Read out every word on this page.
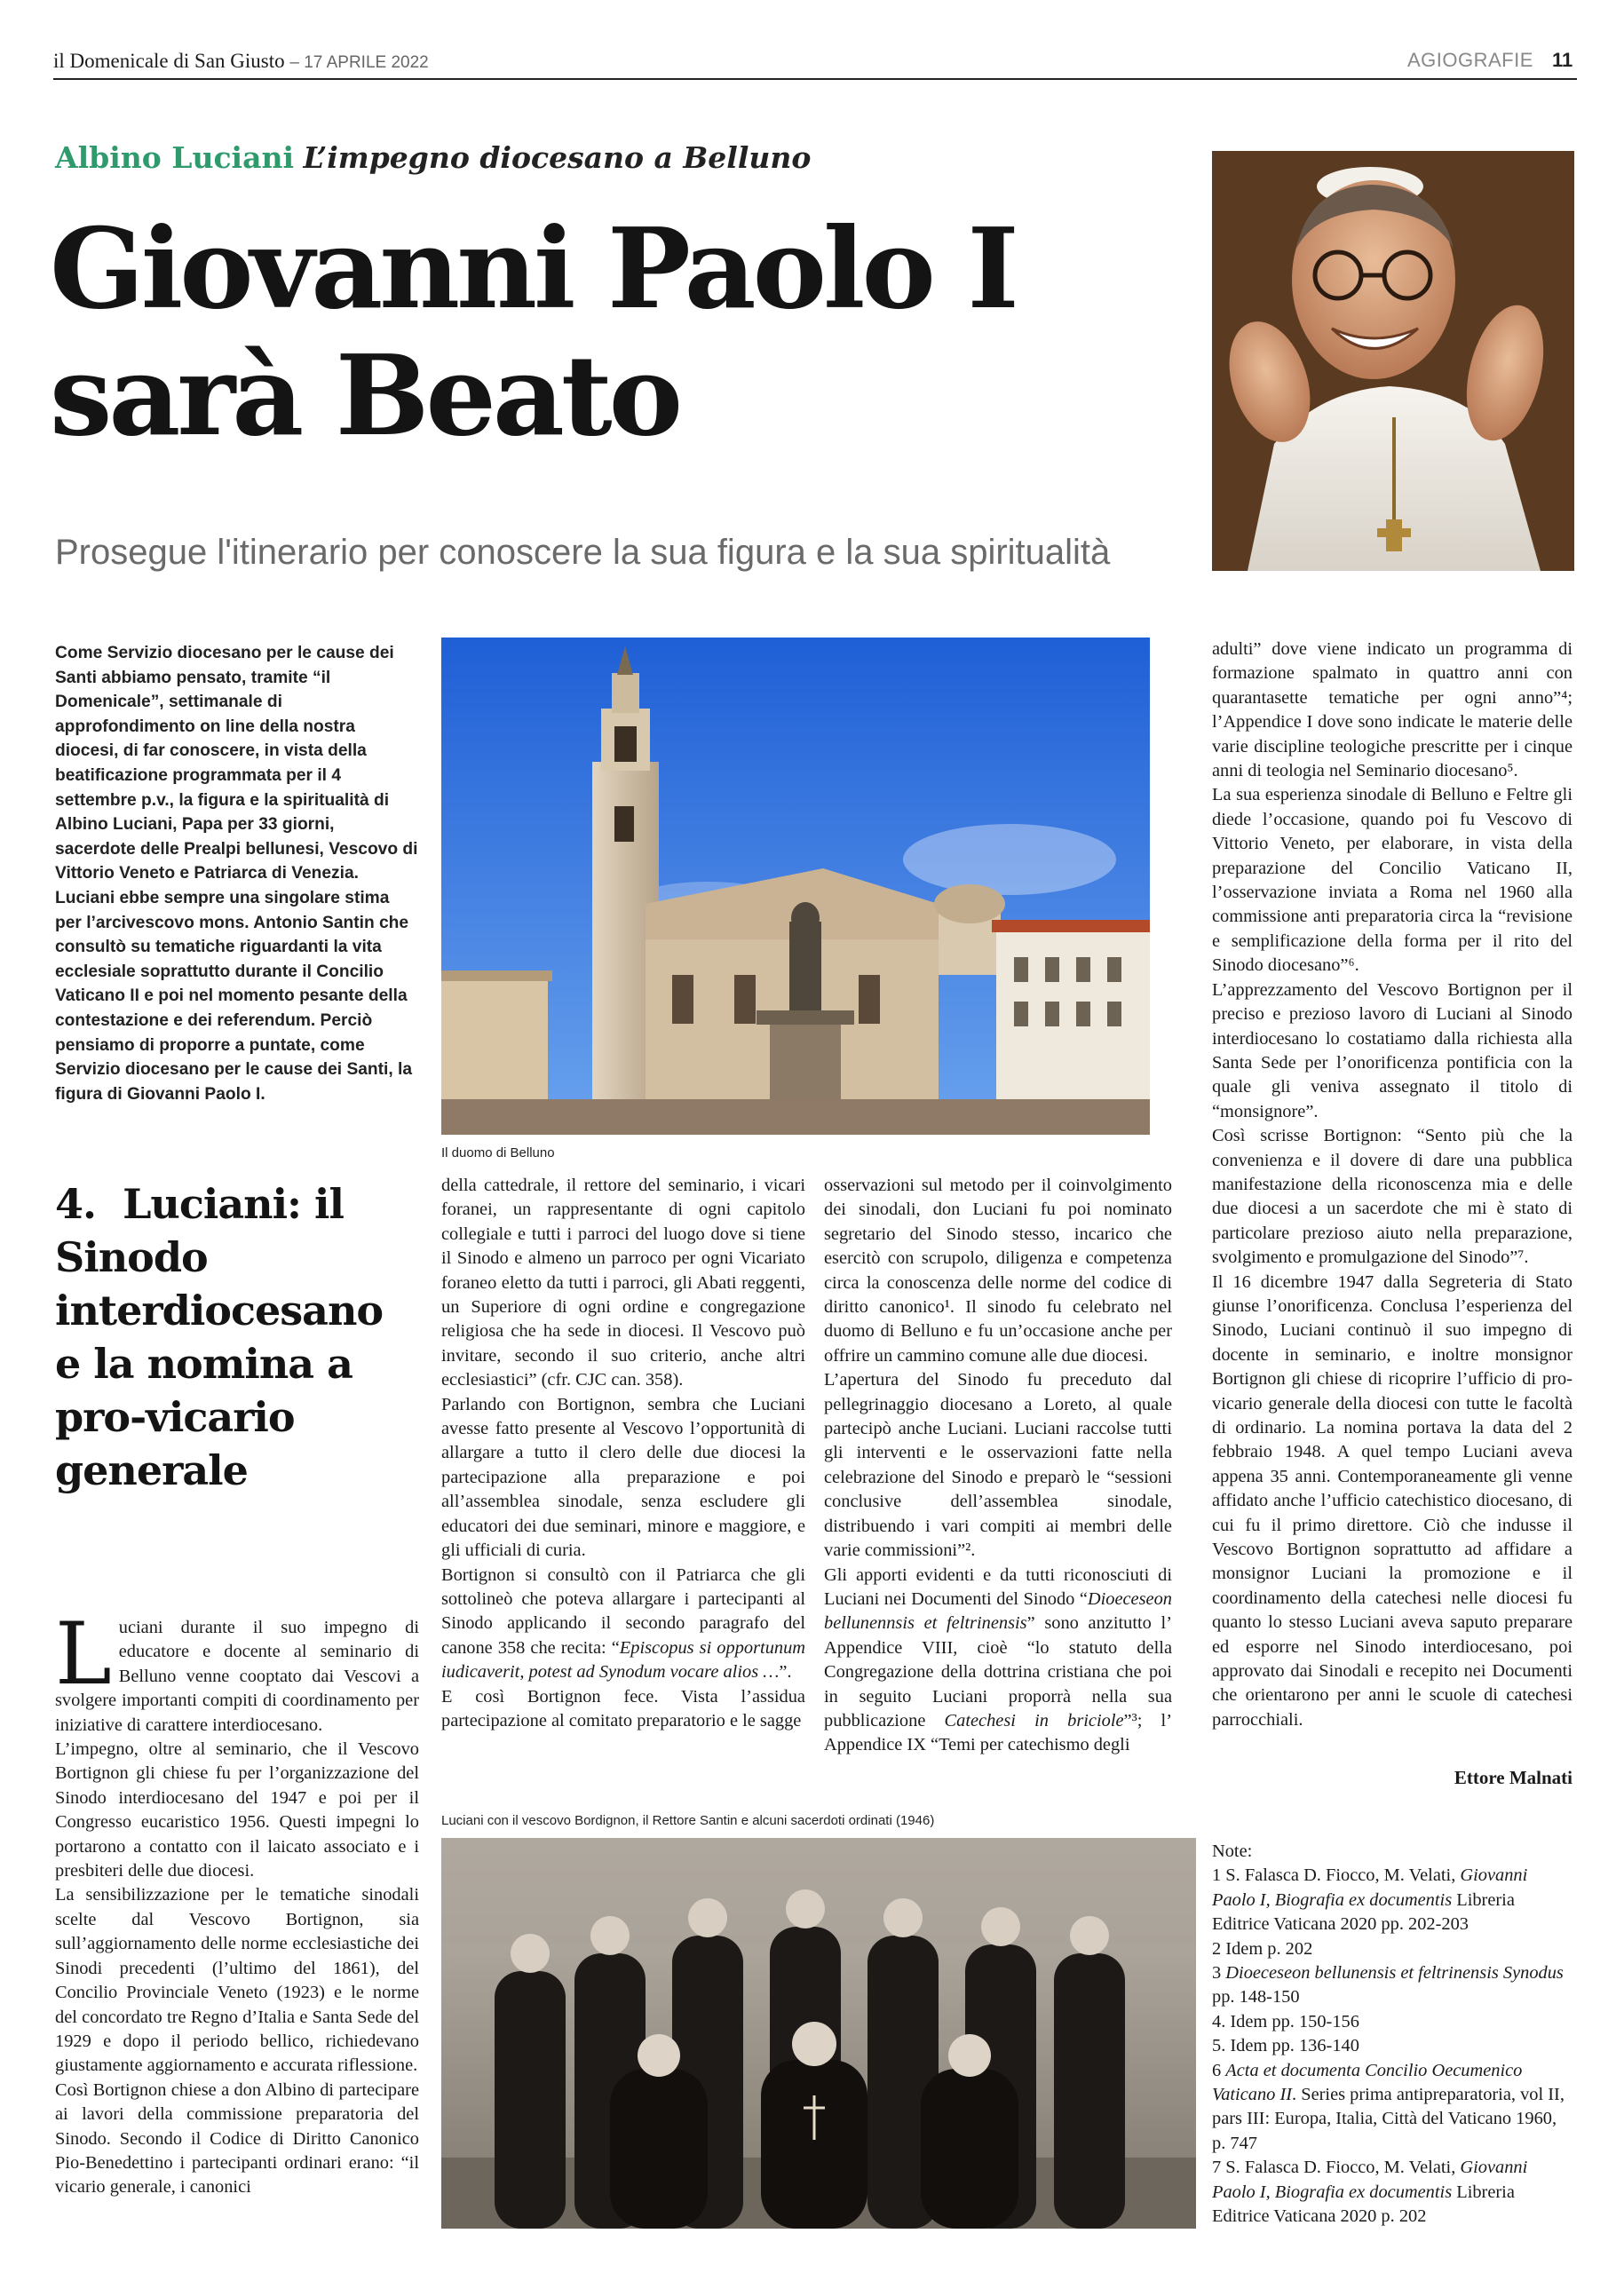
il Domenicale di San Giusto – 17 APRILE 2022	AGIOGRAFIE 11
Albino Luciani L’impegno diocesano a Belluno
Giovanni Paolo I
sarà Beato
Prosegue l'itinerario per conoscere la sua figura e la sua spiritualità
Come Servizio diocesano per le cause dei Santi abbiamo pensato, tramite “il Domenicale”, settimanale di approfondimento on line della nostra diocesi, di far conoscere, in vista della beatificazione programmata per il 4 settembre p.v., la figura e la spiritualità di Albino Luciani, Papa per 33 giorni, sacerdote delle Prealpi bellunesi, Vescovo di Vittorio Veneto e Patriarca di Venezia. Luciani ebbe sempre una singolare stima per l’arcivescovo mons. Antonio Santin che consultò su tematiche riguardanti la vita ecclesiale soprattutto durante il Concilio Vaticano II e poi nel momento pesante della contestazione e dei referendum. Perciò pensiamo di proporre a puntate, come Servizio diocesano per le cause dei Santi, la figura di Giovanni Paolo I.
Il duomo di Belluno
4. Luciani: il Sinodo interdiocesano e la nomina a pro-vicario generale

Luciani durante il suo impegno di educatore e docente al seminario di Belluno venne cooptato dai Vescovi a svolgere importanti compiti di coordinamento per iniziative di carattere interdiocesano.

L’impegno, oltre al seminario, che il Vescovo Bortignon gli chiese fu per l’organizzazione del Sinodo interdiocesano del 1947 e poi per il Congresso eucaristico 1956. Questi impegni lo portarono a contatto con il laicato associato e i presbiteri delle due diocesi.

La sensibilizzazione per le tematiche sinodali scelte dal Vescovo Bortignon, sia sull’aggiornamento delle norme ecclesiastiche dei Sinodi precedenti (l’ultimo del 1861), del Concilio Provinciale Veneto (1923) e le norme del concordato tre Regno d’Italia e Santa Sede del 1929 e dopo il periodo bellico, richiedevano giustamente aggiornamento e accurata riflessione.

Così Bortignon chiese a don Albino di partecipare ai lavori della commissione preparatoria del Sinodo. Secondo il Codice di Diritto Canonico Pio-Benedettino i partecipanti ordinari erano: “il vicario generale, i canonici

della cattedrale, il rettore del seminario, i vicari foranei, un rappresentante di ogni capitolo collegiale e tutti i parroci del luogo dove si tiene il Sinodo e almeno un parroco per ogni Vicariato foraneo eletto da tutti i parroci, gli Abati reggenti, un Superiore di ogni ordine e congregazione religiosa che ha sede in diocesi. Il Vescovo può invitare, secondo il suo criterio, anche altri ecclesiastici” (cfr. CJC can. 358).

Parlando con Bortignon, sembra che Luciani avesse fatto presente al Vescovo l’opportunità di allargare a tutto il clero delle due diocesi la partecipazione alla preparazione e poi all’assemblea sinodale, senza escludere gli educatori dei due seminari, minore e maggiore, e gli ufficiali di curia.

Bortignon si consultò con il Patriarca che gli sottolineò che poteva allargare i partecipanti al Sinodo applicando il secondo paragrafo del canone 358 che recita: “Episcopus si opportunum iudicaverit, potest ad Synodum vocare alios …”.

E così Bortignon fece. Vista l’assidua partecipazione al comitato preparatorio e le sagge

osservazioni sul metodo per il coinvolgimento dei sinodali, don Luciani fu poi nominato segretario del Sinodo stesso, incarico che esercitò con scrupolo, diligenza e competenza circa la conoscenza delle norme del codice di diritto canonico¹. Il sinodo fu celebrato nel duomo di Belluno e fu un’occasione anche per offrire un cammino comune alle due diocesi.

L’apertura del Sinodo fu preceduto dal pellegrinaggio diocesano a Loreto, al quale partecipò anche Luciani. Luciani raccolse tutti gli interventi e le osservazioni fatte nella celebrazione del Sinodo e preparò le “sessioni conclusive dell’assemblea sinodale, distribuendo i vari compiti ai membri delle varie commissioni”².

Gli apporti evidenti e da tutti riconosciuti di Luciani nei Documenti del Sinodo “Dioeceseon bellunennsis et feltrinensis” sono anzitutto l’ Appendice VIII, cioè “lo statuto della Congregazione della dottrina cristiana che poi in seguito Luciani proporrà nella sua pubblicazione Catechesi in briciole”³; l’ Appendice IX “Temi per catechismo degli

adulti” dove viene indicato un programma di formazione spalmato in quattro anni con quarantasette tematiche per ogni anno”⁴; l’Appendice I dove sono indicate le materie delle varie discipline teologiche prescritte per i cinque anni di teologia nel Seminario diocesano⁵.

La sua esperienza sinodale di Belluno e Feltre gli diede l’occasione, quando poi fu Vescovo di Vittorio Veneto, per elaborare, in vista della preparazione del Concilio Vaticano II, l’osservazione inviata a Roma nel 1960 alla commissione anti preparatoria circa la “revisione e semplificazione della forma per il rito del Sinodo diocesano”⁶.

L’apprezzamento del Vescovo Bortignon per il preciso e prezioso lavoro di Luciani al Sinodo interdiocesano lo costatiamo dalla richiesta alla Santa Sede per l’onorificenza pontificia con la quale gli veniva assegnato il titolo di “monsignore”.

Così scrisse Bortignon: “Sento più che la convenienza e il dovere di dare una pubblica manifestazione della riconoscenza mia e delle due diocesi a un sacerdote che mi è stato di particolare prezioso aiuto nella preparazione, svolgimento e promulgazione del Sinodo”⁷.

Il 16 dicembre 1947 dalla Segreteria di Stato giunse l’onorificenza. Conclusa l’esperienza del Sinodo, Luciani continuò il suo impegno di docente in seminario, e inoltre monsignor Bortignon gli chiese di ricoprire l’ufficio di pro-vicario generale della diocesi con tutte le facoltà di ordinario. La nomina portava la data del 2 febbraio 1948. A quel tempo Luciani aveva appena 35 anni. Contemporaneamente gli venne affidato anche l’ufficio catechistico diocesano, di cui fu il primo direttore. Ciò che indusse il Vescovo Bortignon soprattutto ad affidare a monsignor Luciani la promozione e il coordinamento della catechesi nelle diocesi fu quanto lo stesso Luciani aveva saputo preparare ed esporre nel Sinodo interdiocesano, poi approvato dai Sinodali e recepito nei Documenti che orientarono per anni le scuole di catechesi parrocchiali.

Ettore Malnati

Note:

1 S. Falasca D. Fiocco, M. Velati, Giovanni Paolo I, Biografia ex documentis Libreria Editrice Vaticana 2020 pp. 202-203

2 Idem p. 202

3 Dioeceseon bellunensis et feltrinensis Synodus pp. 148-150

4. Idem pp. 150-156

5. Idem pp. 136-140

6 Acta et documenta Concilio Oecumenico Vaticano II. Series prima antipreparatoria, vol II, pars III: Europa, Italia, Città del Vaticano 1960, p. 747

7 S. Falasca D. Fiocco, M. Velati, Giovanni Paolo I, Biografia ex documentis Libreria Editrice Vaticana 2020 p. 202

Luciani con il vescovo Bordignon, il Rettore Santin e alcuni sacerdoti ordinati (1946)
